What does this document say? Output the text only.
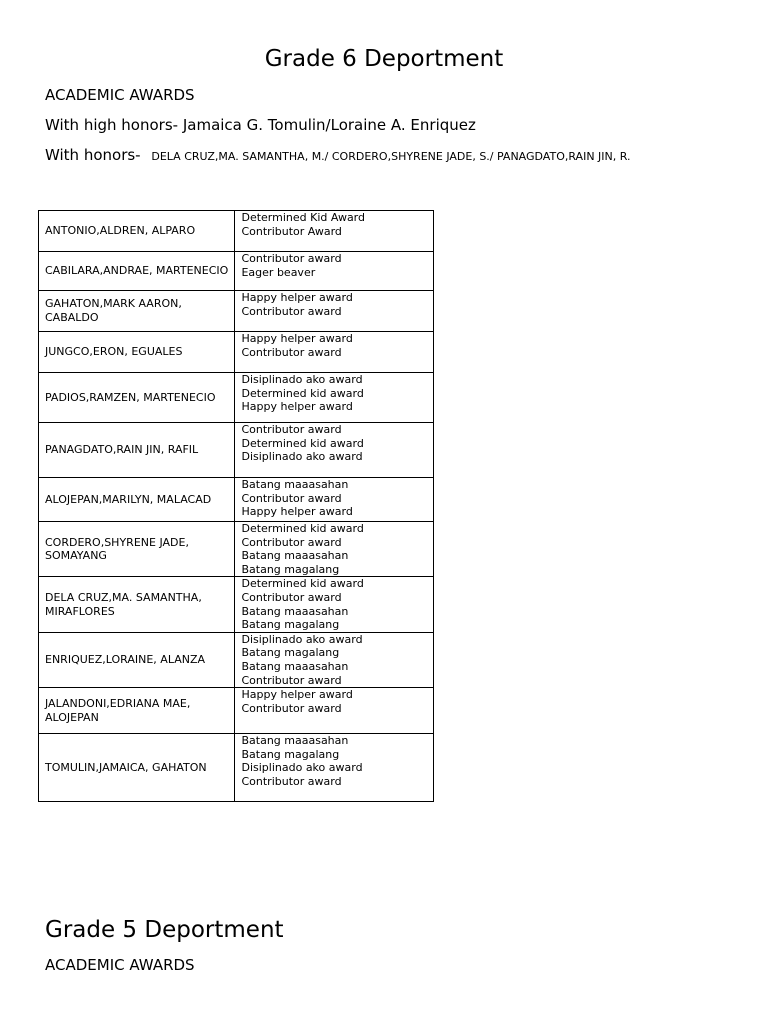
Grade 6 Deportment
ACADEMIC AWARDS
With high honors- Jamaica G. Tomulin/Loraine A. Enriquez
With honors- DELA CRUZ,MA. SAMANTHA, M./ CORDERO,SHYRENE JADE, S./ PANAGDATO,RAIN JIN, R.
ANTONIO,ALDREN, ALPARO	Determined Kid Award
Contributor Award

CABILARA,ANDRAE, MARTENECIO	Contributor award
Eager beaver

GAHATON,MARK AARON, CABALDO	Happy helper award
Contributor award

JUNGCO,ERON, EGUALES	Happy helper award
Contributor award

PADIOS,RAMZEN, MARTENECIO	Disiplinado ako award
Determined kid award
Happy helper award

PANAGDATO,RAIN JIN, RAFIL	Contributor award
Determined kid award
Disiplinado ako award

ALOJEPAN,MARILYN, MALACAD	Batang maaasahan
Contributor award
Happy helper award

CORDERO,SHYRENE JADE, SOMAYANG	Determined kid award
Contributor award
Batang maaasahan
Batang magalang

DELA CRUZ,MA. SAMANTHA, MIRAFLORES	Determined kid award
Contributor award
Batang maaasahan
Batang magalang

ENRIQUEZ,LORAINE, ALANZA	Disiplinado ako award
Batang magalang
Batang maaasahan
Contributor award

JALANDONI,EDRIANA MAE, ALOJEPAN	Happy helper award
Contributor award

TOMULIN,JAMAICA, GAHATON	Batang maaasahan
Batang magalang
Disiplinado ako award
Contributor award
Grade 5 Deportment
ACADEMIC AWARDS
